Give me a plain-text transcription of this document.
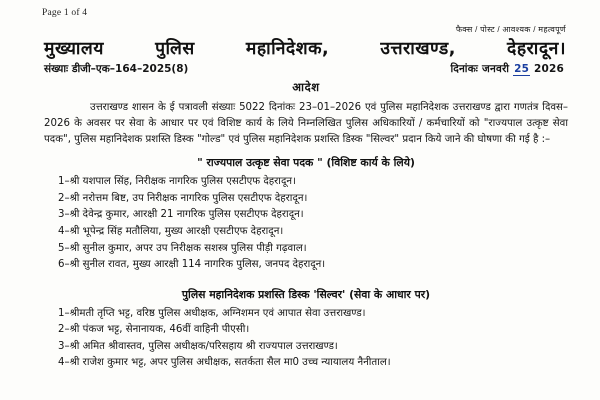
Page 1 of 4
फैक्स / पोस्ट / आवश्यक / महत्वपूर्ण
मुख्यालय	पुलिस	महानिदेशक,	उत्तराखण्ड,	देहरादून।
संख्याः डीजी–एक–164–2025(8)	दिनांकः जनवरी 25 2026
आदेश
उत्तराखण्ड शासन के ई पत्रावली संख्याः 5022 दिनांकः 23–01–2026 एवं पुलिस महानिदेशक उत्तराखण्ड द्वारा गणतंत्र दिवस–2026 के अवसर पर सेवा के आधार पर एवं विशिष्ट कार्य के लिये निम्नलिखित पुलिस अधिकारियों / कर्मचारियों को "राज्यपाल उत्कृष्ट सेवा पदक", पुलिस महानिदेशक प्रशस्ति डिस्क "गोल्ड" एवं पुलिस महानिदेशक प्रशस्ति डिस्क "सिल्वर" प्रदान किये जाने की घोषणा की गई है :–
" राज्यपाल उत्कृष्ट सेवा पदक " (विशिष्ट कार्य के लिये)
1–श्री यशपाल सिंह, निरीक्षक नागरिक पुलिस एसटीएफ देहरादून।
2–श्री नरोत्तम बिष्ट, उप निरीक्षक नागरिक पुलिस एसटीएफ देहरादून।
3–श्री देवेन्द्र कुमार, आरक्षी 21 नागरिक पुलिस एसटीएफ देहरादून।
4–श्री भूपेन्द्र सिंह मतौलिया, मुख्य आरक्षी एसटीएफ देहरादून।
5–श्री सुनील कुमार, अपर उप निरीक्षक सशस्त्र पुलिस पीड़ी गढ़वाल।
6–श्री सुनील रावत, मुख्य आरक्षी 114 नागरिक पुलिस, जनपद देहरादून।
पुलिस महानिदेशक प्रशस्ति डिस्क 'सिल्वर' (सेवा के आधार पर)
1–श्रीमती तृप्ति भट्ट, वरिष्ठ पुलिस अधीक्षक, अग्निशमन एवं आपात सेवा उत्तराखण्ड।
2–श्री पंकज भट्ट, सेनानायक, 46वीं वाहिनी पीएसी।
3–श्री अमित श्रीवास्तव, पुलिस अधीक्षक/परिसहाय श्री राज्यपाल उत्तराखण्ड।
4–श्री राजेश कुमार भट्ट, अपर पुलिस अधीक्षक, सतर्कता सैल मा0 उच्च न्यायालय नैनीताल।
